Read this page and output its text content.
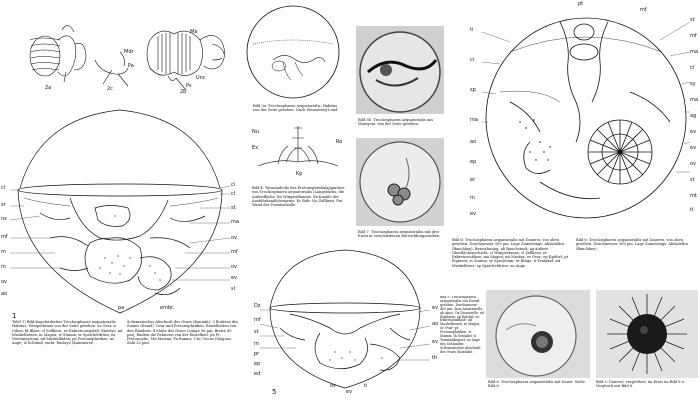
2a	2c	2b
Mdr
Pa
Ma
Ps
Unc
cl
sr
ns
mf
m
m
ov
ao
ci
cl
st
ma
ov
mf
ov
ev
sl
pa	embr.
1
Tafel 1) Bild Kugelrädertier Trochosphaera aequatorialis. Habitus. Wimperkranz von der Seite gesehen. ov Ovar, ci Cilien; bl Blase; cl Zellkern; ev Exkretionsgefäß; Embryo, mf Muskelfasern; m Magen; st Stamm; sr Speicheldrüse; ns Nervensystem; mf Muskelfäden; pa Protonephridien; ao Auge; sl Schlund; embr. Embryo (Kammerei).
Schematischer Abschnitt des Ovars (Kontakt). 3 Rotifera des Sinnes (Kanal). Ovar und Protonephridien, Einzelheiten von den Rändern. 4 Maße des Ovars (Länge 96 µm, Breite 49 µm); Radien die Faktoren von der Einzelheit. pa Ft. Protonephr.; Ma Mastax; Pa Ramus; Unc Uncus (Magnus Zahl 20 µm).
Bild 3a: Trochosphaera aequatorialis. Habitus von der Seite gesehen. Nach Wesenberg-Lund.
Bild 3b: Trochosphaera aequatorialis aus Marayvia, von der Seite gesehen.
Nu
Ex
Kp
Ro
Bild 4: Terminalteile des Protonephridialapparates von Trochosphaera aequatorialis (Längsbuchs, die Außenfläche. Ro Wimperflamme. Ex Kanäle der Ausführkanälchenarms. Kr Bulv. Nu Zellkern. Pm Wand der Terminalzelle.
Bild 7: Trochosphaera aequatorialis mit drei Eiern in verschiedenen Entwicklungsstadien.
pt
mf
ti
ci
sp
ma
ao
ep
er
m
ev
st
mf
ma
cl
sy
ma
ag
ev
ev
ov
st
mt
ti
Bild 6: Trochosphaera aequatorialis mit Dauerei, von oben gesehen. Durchmesser 500 µm. Lage Zumetrings. Ablastelles (Bauchkey). Bezeichnung: ab Bauchstock; ag äußere Oberflächenschicht; ci Wimperkranz; cl Zellkern; ev Exkretionsblase; ma Magen; mt Mastax; ov Ovar; ep Epithel; pt Pigment; st Stamm; sy Syncytium; er Ringe; ti Tentakel; mf Muskelfaser; sp Speicheldrüse; ao Auge.
Bild 6: Trochosphaera aequatorialis mit Dauerei, von oben gesehen. Durchmesser 500 µm. Lage Zumetrings. Ablastelles (Bauchkey).
Dz
mf
st
m
pr
ep
ed
ev
ao
ev
th
ov
ev
ti
5
Bild 5: Trochosphaera aequatorialis von Dorsal gesehen. Durchmesser 400 µm. Zum Ansatzstelle: ab Anus; Dz Dauerzelle; ed Enddarm; ep Epithel; ev Exkretionsblase; mf Muskelfasern; m Magen; ov Ovar; pr Protonephridien; st Stamm; th Tentakel; ti Terminalkapsel; ao Auge des Schlundes; Schematischer Abschnitt des Ovars (Kontakt).
Bild 8: Trochosphaera aequatorialis mit Dauer. Siehe Bild 6.
Bild 9: Dauerei, vergrößert, im Kreis im Bild 6 u. Vergleich mit Bild 8.
